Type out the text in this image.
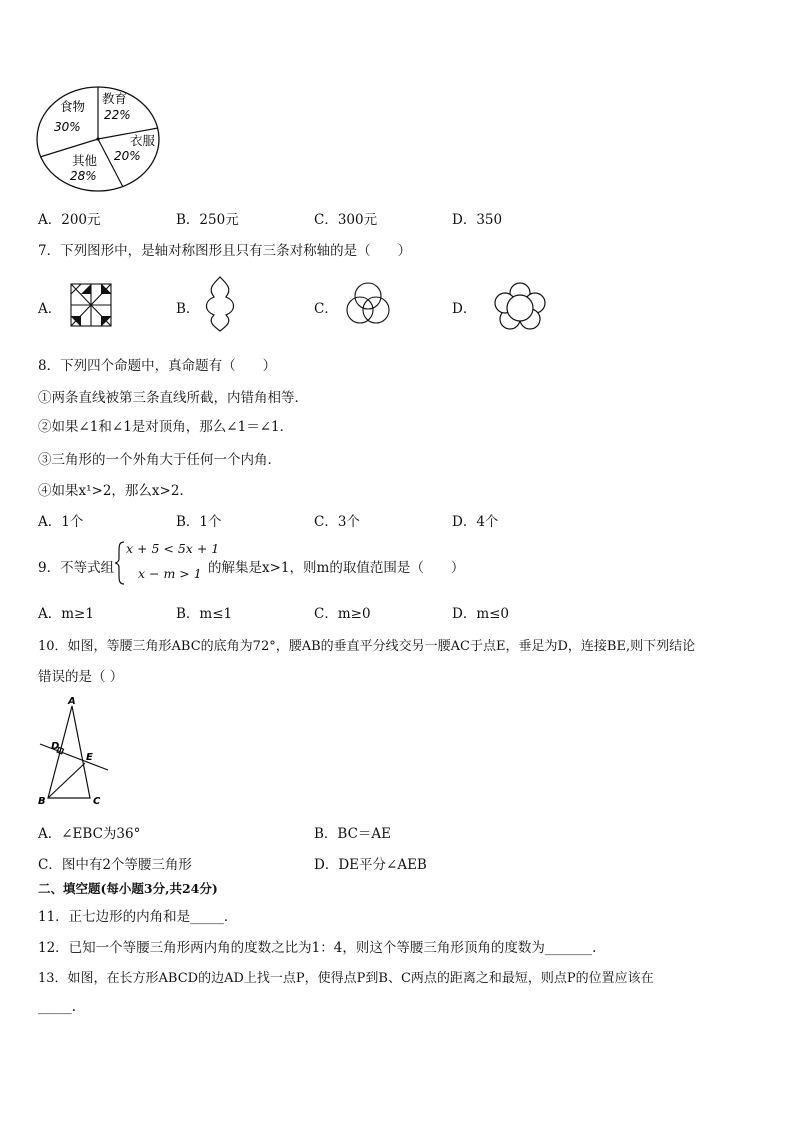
教育
22%
衣服
20%
其他
28%
食物
30%
A．200元	B．250元	C．300元	D．350
7．下列图形中，是轴对称图形且只有三条对称轴的是（　　）
A．	B．	C．	D．
8．下列四个命题中，真命题有（　　）
①两条直线被第三条直线所截，内错角相等．
②如果∠1和∠1是对顶角，那么∠1＝∠1．
③三角形的一个外角大于任何一个内角．
④如果x¹>2，那么x>2．
A．1个	B．1个	C．3个	D．4个
9．不等式组
x + 5 < 5x + 1
x − m > 1 的解集是x>1，则m的取值范围是（　　）
A．m≥1	B．m≤1	C．m≥0	D．m≤0
10．如图，等腰三角形ABC的底角为72°，腰AB的垂直平分线交另一腰AC于点E，垂足为D，连接BE,则下列结论
错误的是（ ）
A
D
E
B	C
A．∠EBC为36°	B．BC＝AE
C．图中有2个等腰三角形	D．DE平分∠AEB
二、填空题(每小题3分,共24分)
11．正七边形的内角和是_____．
12．已知一个等腰三角形两内角的度数之比为1：4，则这个等腰三角形顶角的度数为_______.
13．如图，在长方形ABCD的边AD上找一点P，使得点P到B、C两点的距离之和最短，则点P的位置应该在
_____.
